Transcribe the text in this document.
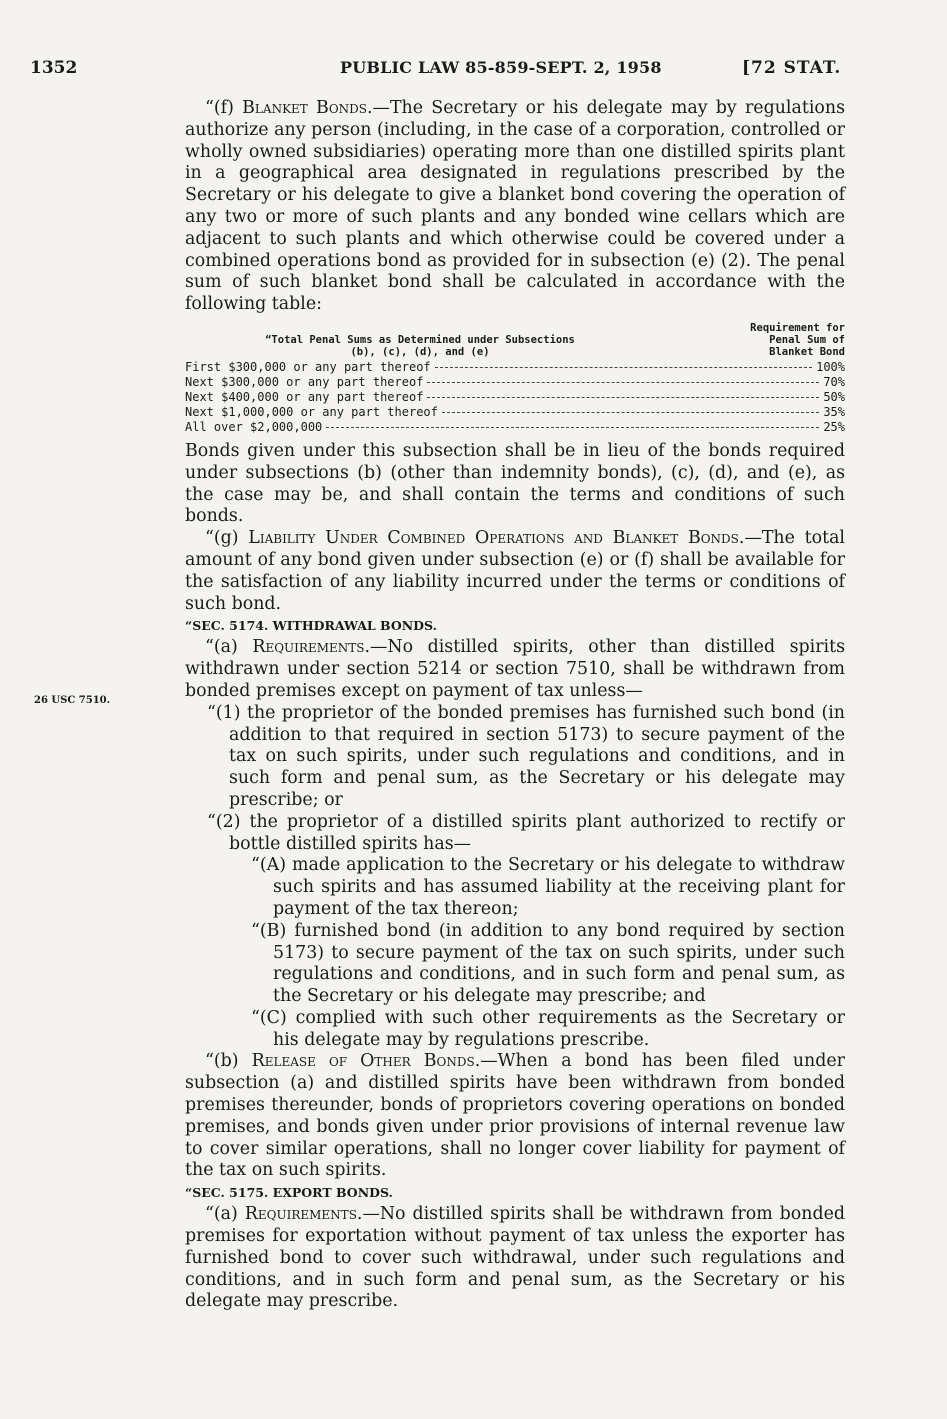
1352	PUBLIC LAW 85-859-SEPT. 2, 1958	[72 STAT.
26 USC 7510.

“(f) Blanket Bonds.—The Secretary or his delegate may by regulations authorize any person (including, in the case of a corporation, controlled or wholly owned subsidiaries) operating more than one distilled spirits plant in a geographical area designated in regulations prescribed by the Secretary or his delegate to give a blanket bond covering the operation of any two or more of such plants and any bonded wine cellars which are adjacent to such plants and which otherwise could be covered under a combined operations bond as provided for in subsection (e) (2). The penal sum of such blanket bond shall be calculated in accordance with the following table:

“Total Penal Sums as Determined under Subsections
(b), (c), (d), and (e)
Requirement for
Penal Sum of
Blanket Bond
First $300,000 or any part thereof	100%
Next $300,000 or any part thereof	70%
Next $400,000 or any part thereof	50%
Next $1,000,000 or any part thereof	35%
All over $2,000,000	25%

Bonds given under this subsection shall be in lieu of the bonds required under subsections (b) (other than indemnity bonds), (c), (d), and (e), as the case may be, and shall contain the terms and conditions of such bonds.

“(g) Liability Under Combined Operations and Blanket Bonds.—The total amount of any bond given under subsection (e) or (f) shall be available for the satisfaction of any liability incurred under the terms or conditions of such bond.

“SEC. 5174. WITHDRAWAL BONDS.

“(a) Requirements.—No distilled spirits, other than distilled spirits withdrawn under section 5214 or section 7510, shall be withdrawn from bonded premises except on payment of tax unless—

“(1) the proprietor of the bonded premises has furnished such bond (in addition to that required in section 5173) to secure payment of the tax on such spirits, under such regulations and conditions, and in such form and penal sum, as the Secretary or his delegate may prescribe; or

“(2) the proprietor of a distilled spirits plant authorized to rectify or bottle distilled spirits has—

“(A) made application to the Secretary or his delegate to withdraw such spirits and has assumed liability at the receiving plant for payment of the tax thereon;

“(B) furnished bond (in addition to any bond required by section 5173) to secure payment of the tax on such spirits, under such regulations and conditions, and in such form and penal sum, as the Secretary or his delegate may prescribe; and

“(C) complied with such other requirements as the Secretary or his delegate may by regulations prescribe.

“(b) Release of Other Bonds.—When a bond has been filed under subsection (a) and distilled spirits have been withdrawn from bonded premises thereunder, bonds of proprietors covering operations on bonded premises, and bonds given under prior provisions of internal revenue law to cover similar operations, shall no longer cover liability for payment of the tax on such spirits.

“SEC. 5175. EXPORT BONDS.

“(a) Requirements.—No distilled spirits shall be withdrawn from bonded premises for exportation without payment of tax unless the exporter has furnished bond to cover such withdrawal, under such regulations and conditions, and in such form and penal sum, as the Secretary or his delegate may prescribe.
